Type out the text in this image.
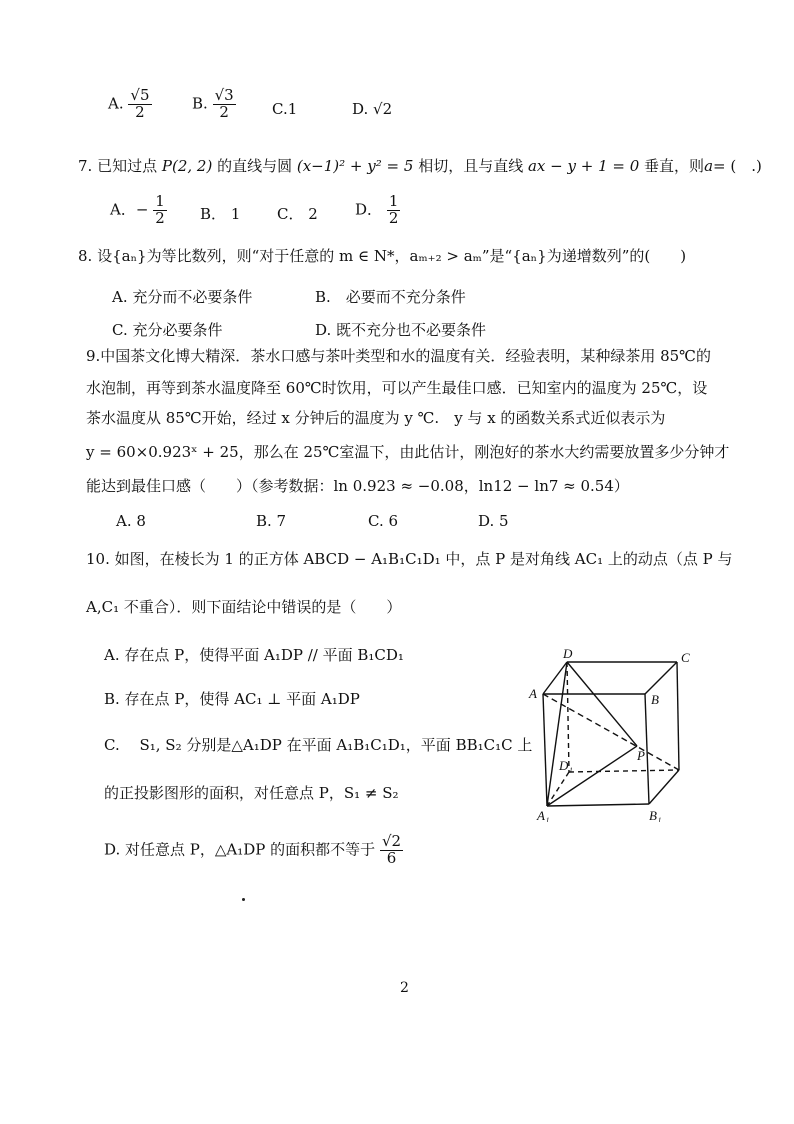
A. $\frac{√5}{2}$	B. $\frac{√3}{2} C.1$	D. √2
7. 已知过点 P(2, 2) 的直线与圆 (x−1)² + y² = 5 相切，且与直线 ax − y + 1 = 0 垂直，则a= (　.)
A．− $\frac{1}{2}$ B． 1 C． 2 D． $\frac{1}{2}$
8. 设{aₙ}为等比数列，则“对于任意的 m ∈ N*，aₘ₊₂ > aₘ”是“{aₙ}为递增数列”的(　　)
A. 充分而不必要条件	B.　必要而不充分条件
C. 充分必要条件	D. 既不充分也不必要条件
9.中国茶文化博大精深．茶水口感与茶叶类型和水的温度有关．经验表明，某种绿茶用 85℃的
水泡制，再等到茶水温度降至 60℃时饮用，可以产生最佳口感．已知室内的温度为 25℃，设
茶水温度从 85℃开始，经过 x 分钟后的温度为 y ℃.　y 与 x 的函数关系式近似表示为
y = 60×0.923ˣ + 25，那么在 25℃室温下，由此估计，刚泡好的茶水大约需要放置多少分钟才
能达到最佳口感（　　）（参考数据：ln 0.923 ≈ −0.08，ln12 − ln7 ≈ 0.54）
A. 8	B. 7	C. 6	D. 5
10. 如图，在棱长为 1 的正方体 ABCD − A₁B₁C₁D₁ 中，点 P 是对角线 AC₁ 上的动点（点 P 与
A,C₁ 不重合）．则下面结论中错误的是（　　）
A. 存在点 P，使得平面 A₁DP // 平面 B₁CD₁
B. 存在点 P，使得 AC₁ ⊥ 平面 A₁DP
C.　 S₁, S₂ 分别是△A₁DP 在平面 A₁B₁C₁D₁，平面 BB₁C₁C 上
的正投影图形的面积，对任意点 P，S₁ ≠ S₂
D. 对任意点 P，△A₁DP 的面积都不等于 $\frac{√2}{6}$
D	C
A	B
D₁
P
A₁	B₁
2
